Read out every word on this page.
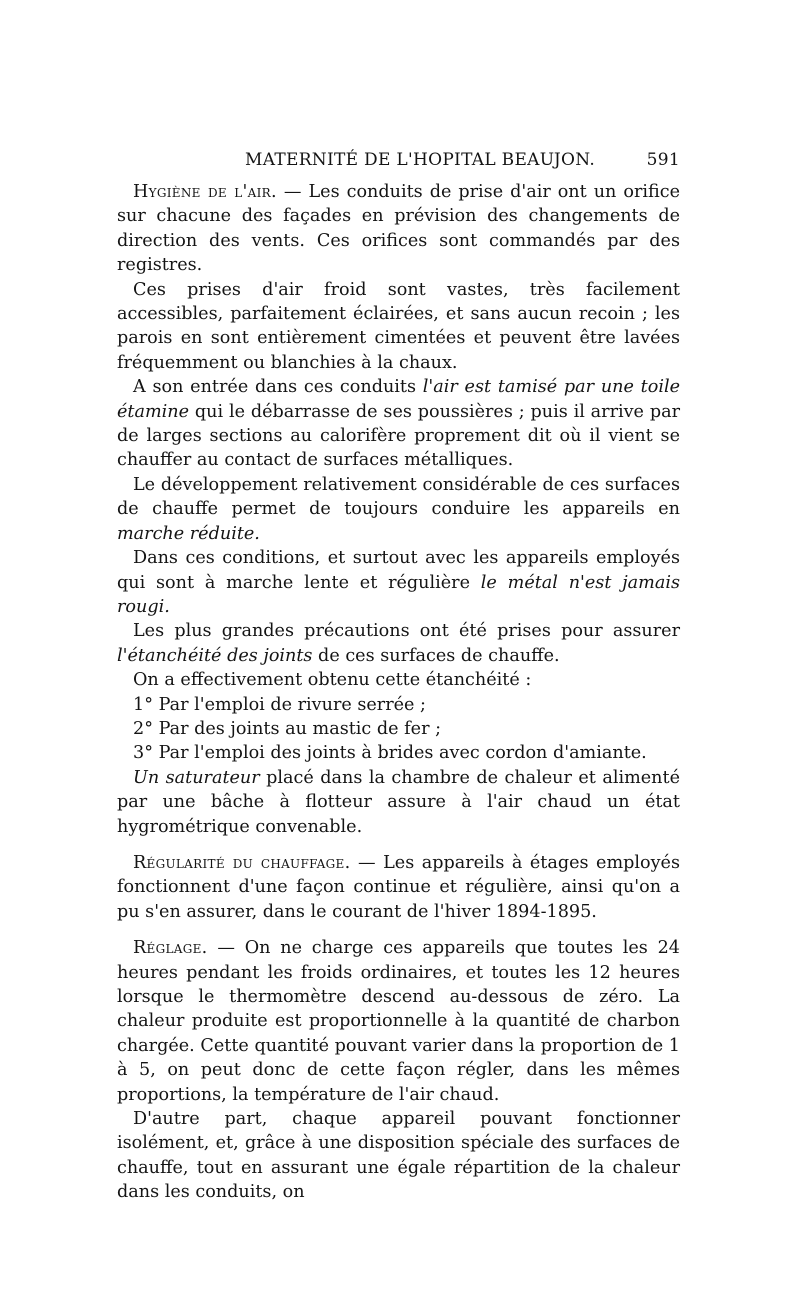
MATERNITÉ DE L'HOPITAL BEAUJON.	591

Hygiène de l'air. — Les conduits de prise d'air ont un orifice sur chacune des façades en prévision des changements de direction des vents. Ces orifices sont commandés par des registres.

Ces prises d'air froid sont vastes, très facilement accessibles, parfaitement éclairées, et sans aucun recoin ; les parois en sont entièrement cimentées et peuvent être lavées fréquemment ou blanchies à la chaux.

A son entrée dans ces conduits l'air est tamisé par une toile étamine qui le débarrasse de ses poussières ; puis il arrive par de larges sections au calorifère proprement dit où il vient se chauffer au contact de surfaces métalliques.

Le développement relativement considérable de ces surfaces de chauffe permet de toujours conduire les appareils en marche réduite.

Dans ces conditions, et surtout avec les appareils employés qui sont à marche lente et régulière le métal n'est jamais rougi.

Les plus grandes précautions ont été prises pour assurer l'étanchéité des joints de ces surfaces de chauffe.

On a effectivement obtenu cette étanchéité :

1° Par l'emploi de rivure serrée ;

2° Par des joints au mastic de fer ;

3° Par l'emploi des joints à brides avec cordon d'amiante.

Un saturateur placé dans la chambre de chaleur et alimenté par une bâche à flotteur assure à l'air chaud un état hygrométrique convenable.

Régularité du chauffage. — Les appareils à étages employés fonctionnent d'une façon continue et régulière, ainsi qu'on a pu s'en assurer, dans le courant de l'hiver 1894-1895.

Réglage. — On ne charge ces appareils que toutes les 24 heures pendant les froids ordinaires, et toutes les 12 heures lorsque le thermomètre descend au-dessous de zéro. La chaleur produite est proportionnelle à la quantité de charbon chargée. Cette quantité pouvant varier dans la proportion de 1 à 5, on peut donc de cette façon régler, dans les mêmes proportions, la température de l'air chaud.

D'autre part, chaque appareil pouvant fonctionner isolément, et, grâce à une disposition spéciale des surfaces de chauffe, tout en assurant une égale répartition de la chaleur dans les conduits, on
